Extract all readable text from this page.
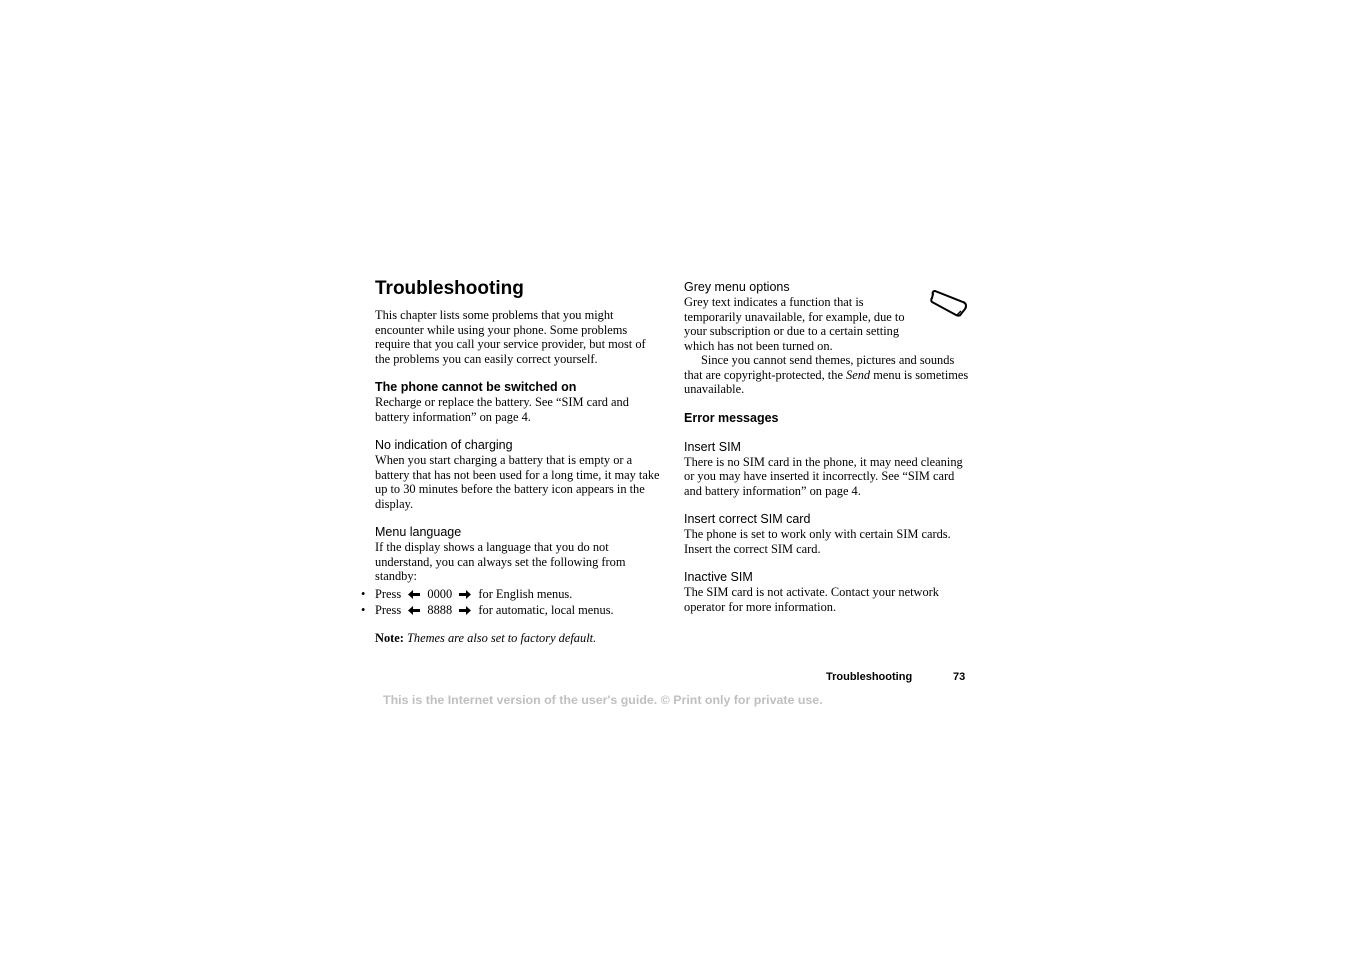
Troubleshooting

This chapter lists some problems that you might encounter while using your phone. Some problems require that you call your service provider, but most of the problems you can easily correct yourself.

The phone cannot be switched on

Recharge or replace the battery. See “SIM card and battery information” on page 4.

No indication of charging

When you start charging a battery that is empty or a battery that has not been used for a long time, it may take up to 30 minutes before the battery icon appears in the display.

Menu language

If the display shows a language that you do not understand, you can always set the following from standby:

• Press 0000 for English menus.
• Press 8888 for automatic, local menus.

Note: Themes are also set to factory default.

Grey menu options

Grey text indicates a function that is temporarily unavailable, for example, due to your subscription or due to a certain setting which has not been turned on.

Since you cannot send themes, pictures and sounds that are copyright-protected, the Send menu is sometimes unavailable.

Error messages
Insert SIM

There is no SIM card in the phone, it may need cleaning or you may have inserted it incorrectly. See “SIM card and battery information” on page 4.

Insert correct SIM card

The phone is set to work only with certain SIM cards. Insert the correct SIM card.

Inactive SIM

The SIM card is not activate. Contact your network operator for more information.

Troubleshooting	73
This is the Internet version of the user's guide. © Print only for private use.
